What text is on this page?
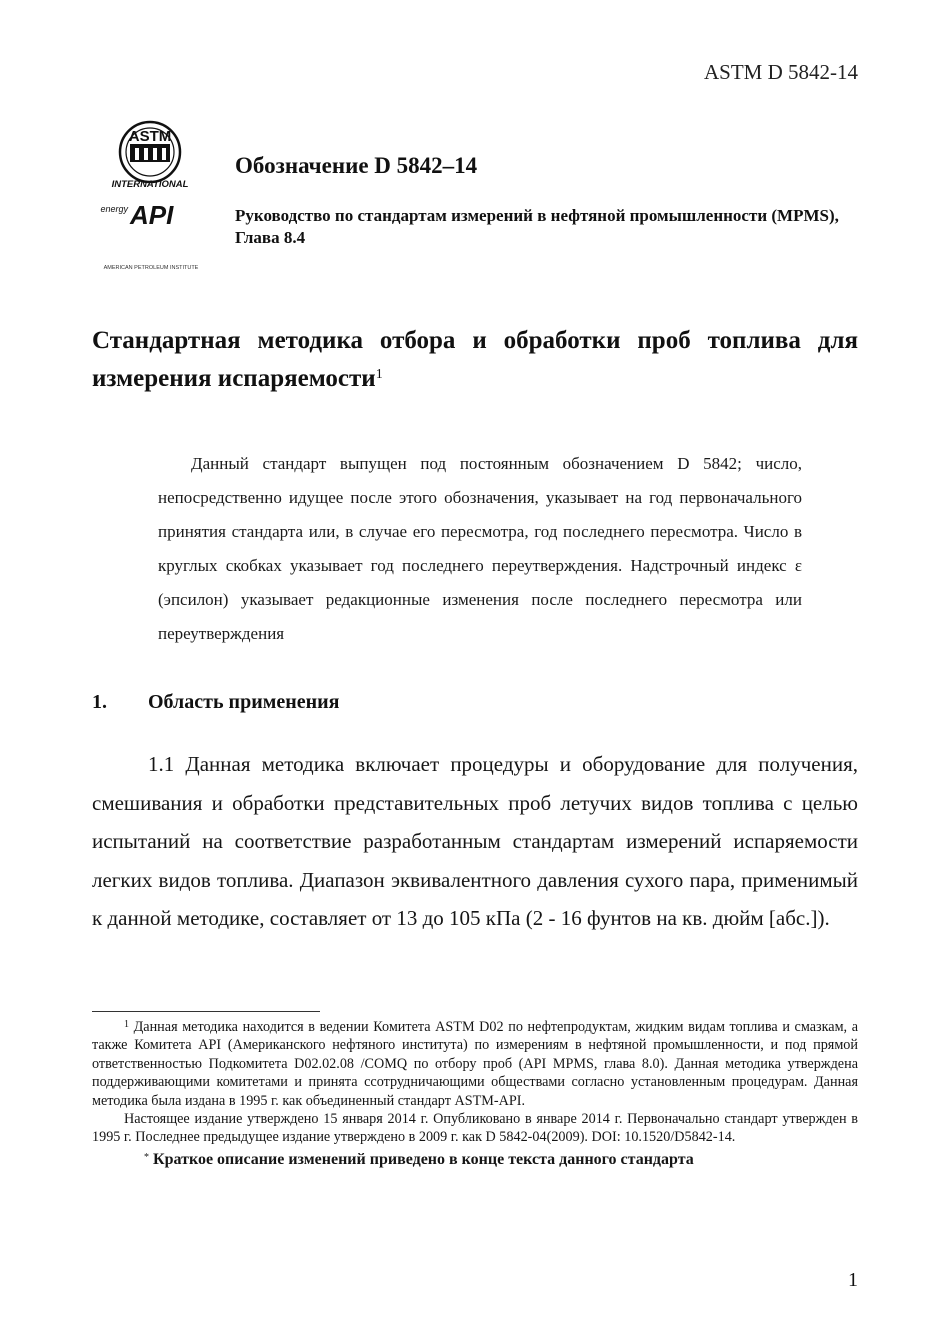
ASTM D 5842-14
ASTM
INTERNATIONAL
energy API
AMERICAN PETROLEUM INSTITUTE
Обозначение D 5842–14
Руководство по стандартам измерений в нефтяной промышленности (MPMS), Глава 8.4
Стандартная методика отбора и обработки проб топлива для измерения испаряемости$^1$

Данный стандарт выпущен под постоянным обозначением D 5842; число, непосредственно идущее после этого обозначения, указывает на год первоначального принятия стандарта или, в случае его пересмотра, год последнего пересмотра. Число в круглых скобках указывает год последнего переутверждения. Надстрочный индекс ε (эпсилон) указывает редакционные изменения после последнего пересмотра или переутверждения

1. Область применения

1.1 Данная методика включает процедуры и оборудование для получения, смешивания и обработки представительных проб летучих видов топлива с целью испытаний на соответствие разработанным стандартам измерений испаряемости легких видов топлива. Диапазон эквивалентного давления сухого пара, применимый к данной методике, составляет от 13 до 105 кПа (2 - 16 фунтов на кв. дюйм [абс.]).

$^1$ Данная методика находится в ведении Комитета ASTM D02 по нефтепродуктам, жидким видам топлива и смазкам, а также Комитета API (Американского нефтяного института) по измерениям в нефтяной промышленности, и под прямой ответственностью Подкомитета D02.02.08 /COMQ по отбору проб (API MPMS, глава 8.0). Данная методика утверждена поддерживающими комитетами и принята ссотрудничающими обществами согласно установленным процедурам. Данная методика была издана в 1995 г. как объединенный стандарт ASTM-API.

Настоящее издание утверждено 15 января 2014 г. Опубликовано в январе 2014 г. Первоначально стандарт утвержден в 1995 г. Последнее предыдущее издание утверждено в 2009 г. как D 5842-04(2009). DOI: 10.1520/D5842-14.

* Краткое описание изменений приведено в конце текста данного стандарта

1
